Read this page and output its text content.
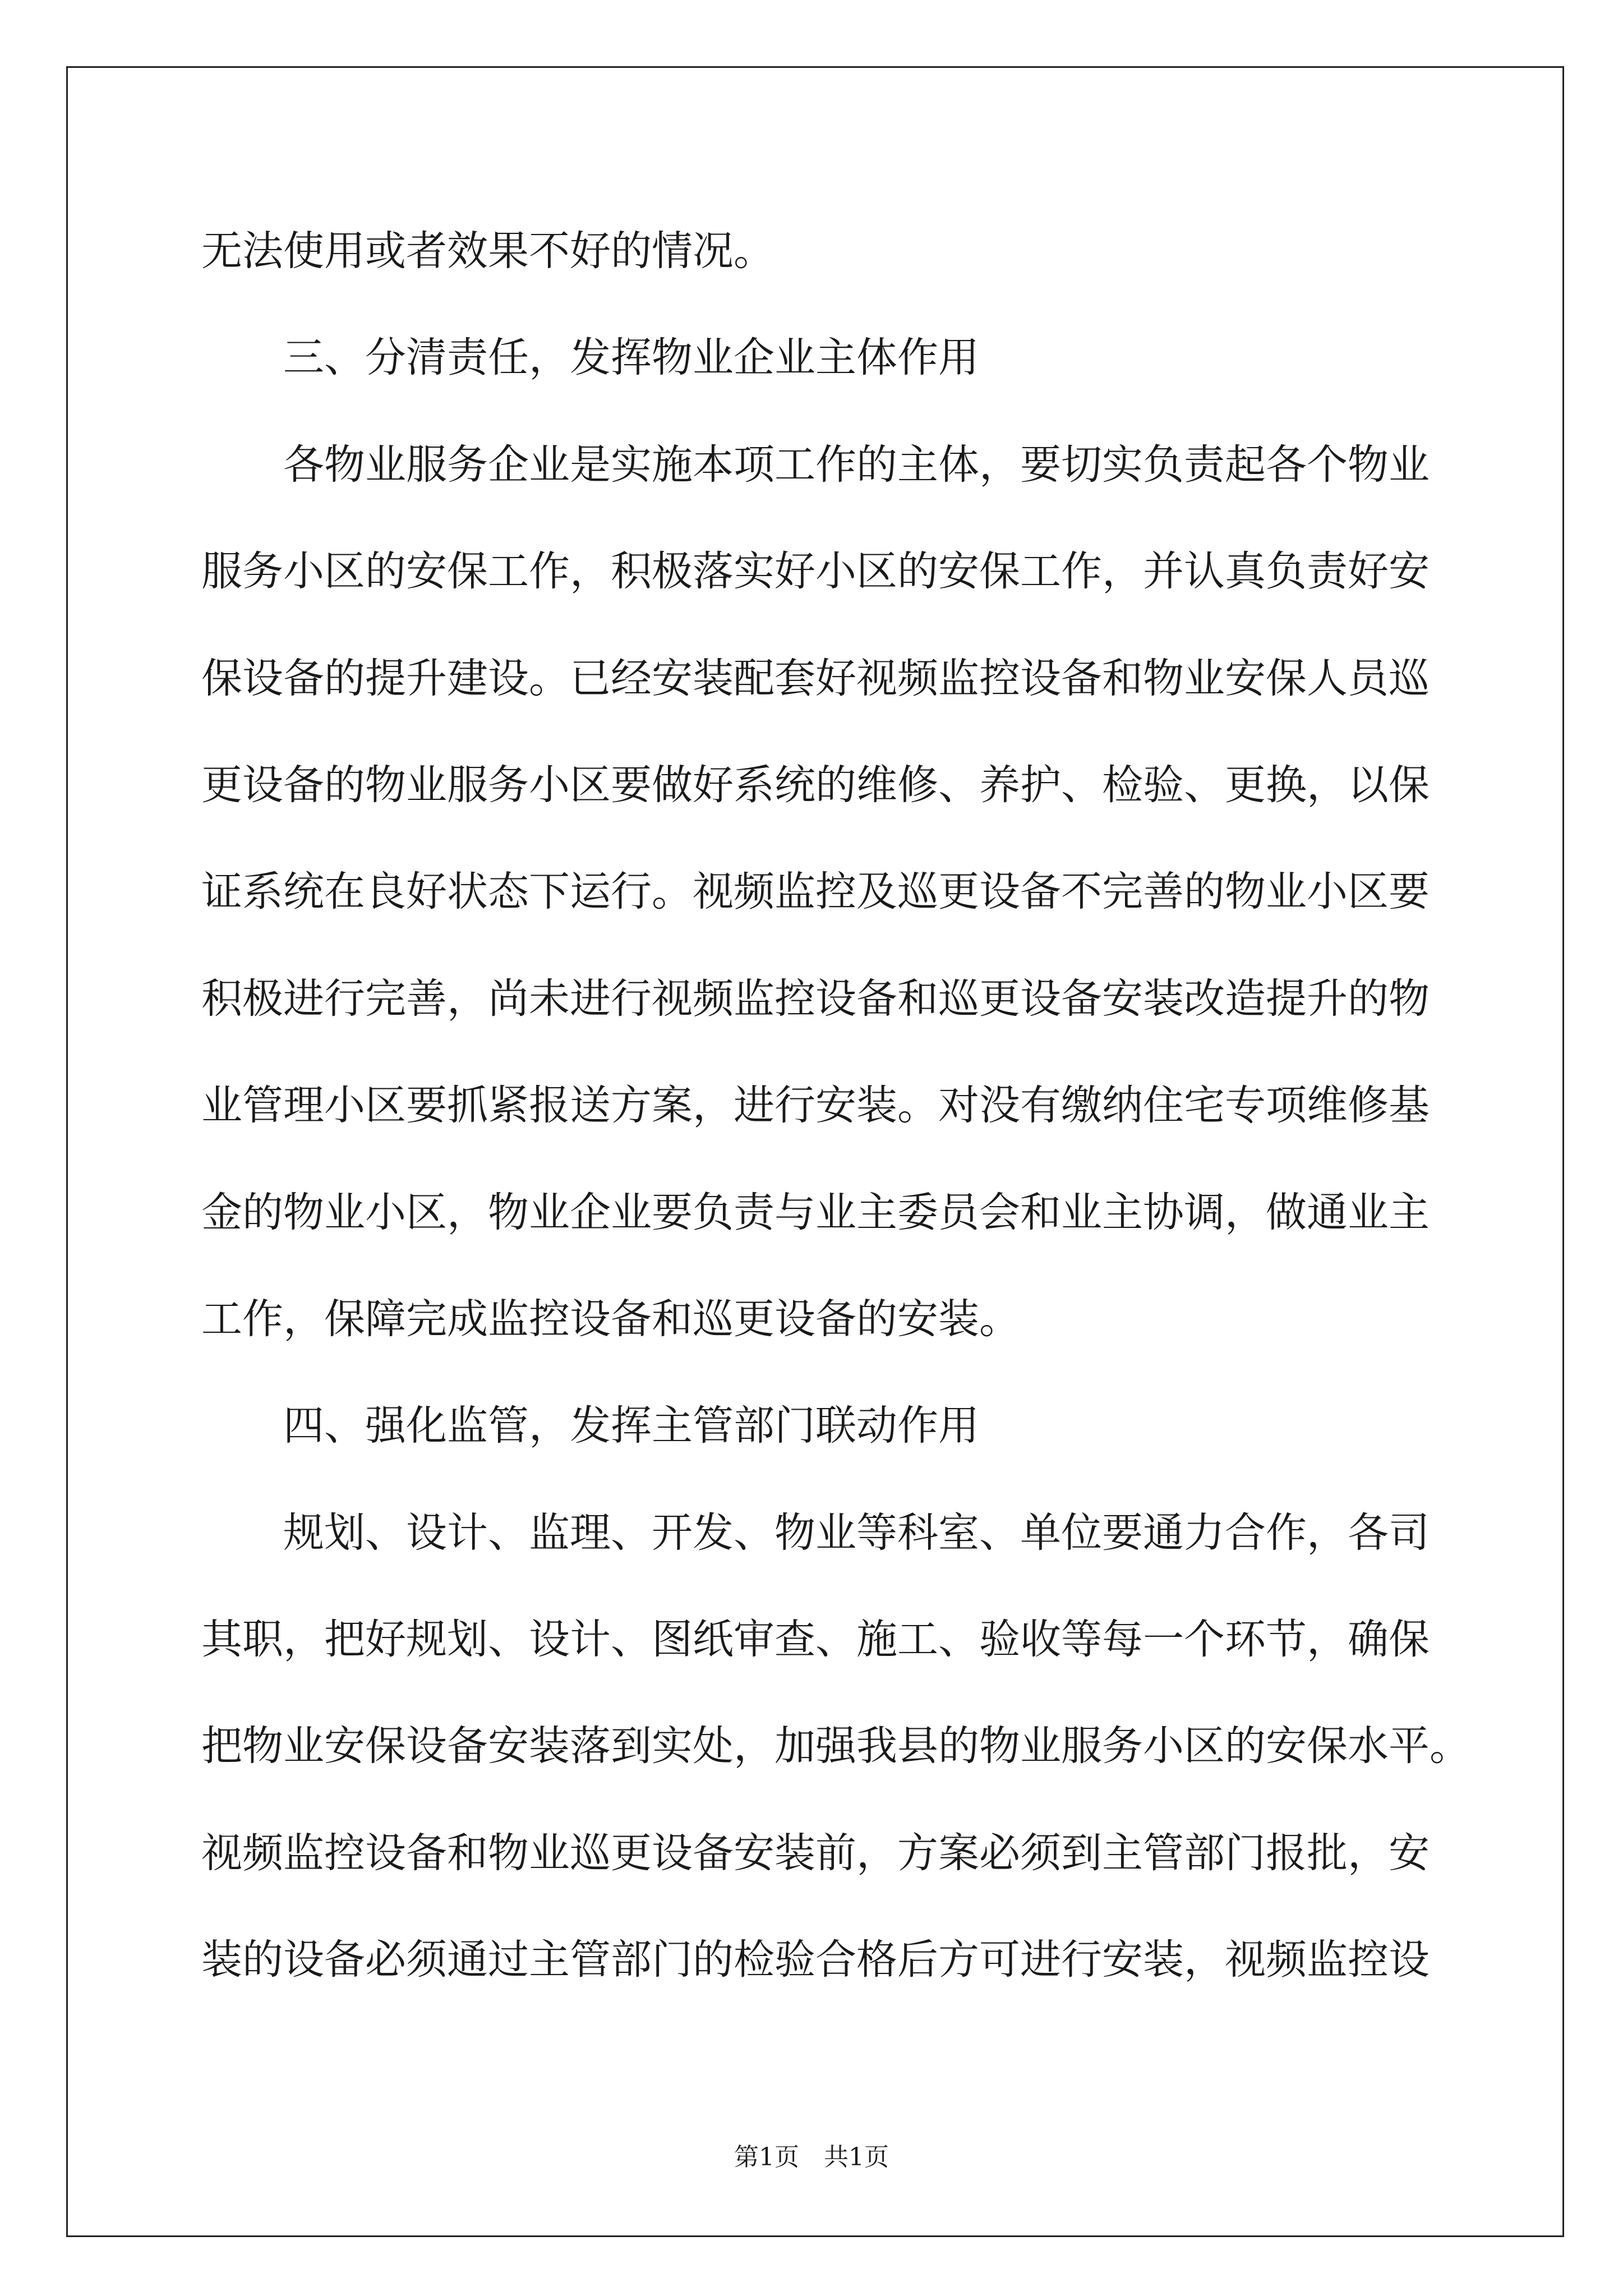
无法使用或者效果不好的情况。
三、分清责任，发挥物业企业主体作用
各物业服务企业是实施本项工作的主体，要切实负责起各个物业
服务小区的安保工作，积极落实好小区的安保工作，并认真负责好安
保设备的提升建设。已经安装配套好视频监控设备和物业安保人员巡
更设备的物业服务小区要做好系统的维修、养护、检验、更换，以保
证系统在良好状态下运行。视频监控及巡更设备不完善的物业小区要
积极进行完善，尚未进行视频监控设备和巡更设备安装改造提升的物
业管理小区要抓紧报送方案，进行安装。对没有缴纳住宅专项维修基
金的物业小区，物业企业要负责与业主委员会和业主协调，做通业主
工作，保障完成监控设备和巡更设备的安装。
四、强化监管，发挥主管部门联动作用
规划、设计、监理、开发、物业等科室、单位要通力合作，各司
其职，把好规划、设计、图纸审查、施工、验收等每一个环节，确保
把物业安保设备安装落到实处，加强我县的物业服务小区的安保水平。
视频监控设备和物业巡更设备安装前，方案必须到主管部门报批，安
装的设备必须通过主管部门的检验合格后方可进行安装，视频监控设
第1页　共1页
